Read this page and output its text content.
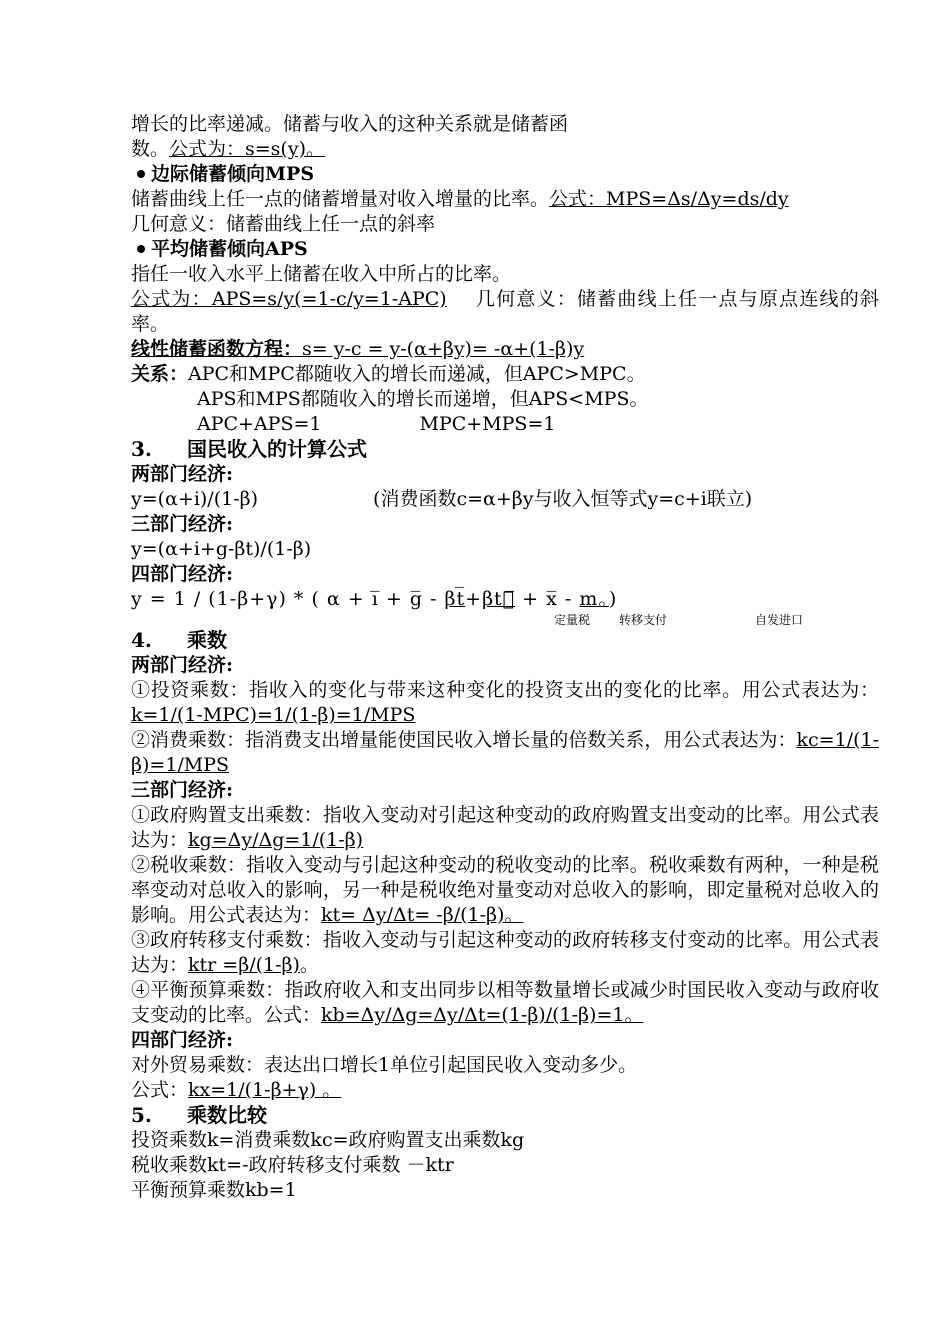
增长的比率递减。储蓄与收入的这种关系就是储蓄函
数。公式为：s=s(y)。
边际储蓄倾向MPS
储蓄曲线上任一点的储蓄增量对收入增量的比率。公式：MPS=Δs/Δy=ds/dy
几何意义：储蓄曲线上任一点的斜率
平均储蓄倾向APS
指任一收入水平上储蓄在收入中所占的比率。
公式为：APS=s/y(=1-c/y=1-APC) 几何意义：储蓄曲线上任一点与原点连线的斜率。
线性储蓄函数方程：s= y-c = y-(α+βy)= -α+(1-β)y
关系：APC和MPC都随收入的增长而递减，但APC>MPC。
APS和MPS都随收入的增长而递增，但APS<MPS。
APC+APS=1	MPC+MPS=1
3. 国民收入的计算公式
两部门经济:
y=(α+i)/(1-β)	(消费函数c=α+βy与收入恒等式y=c+i联立)
三部门经济:
y=(α+i+g-βt)/(1-β)
四部门经济:
y = 1 / (1-β+γ) * ( α + i + g - βt+βt。 + x - m。)
定量税 转移支付	自发进口
4. 乘数
两部门经济:
①投资乘数：指收入的变化与带来这种变化的投资支出的变化的比率。用公式表达为：k=1/(1-MPC)=1/(1-β)=1/MPS
②消费乘数：指消费支出增量能使国民收入增长量的倍数关系，用公式表达为：kc=1/(1-β)=1/MPS
三部门经济:
①政府购置支出乘数：指收入变动对引起这种变动的政府购置支出变动的比率。用公式表达为：kg=Δy/Δg=1/(1-β)
②税收乘数：指收入变动与引起这种变动的税收变动的比率。税收乘数有两种，一种是税率变动对总收入的影响，另一种是税收绝对量变动对总收入的影响，即定量税对总收入的影响。用公式表达为：kt= Δy/Δt= -β/(1-β)。
③政府转移支付乘数：指收入变动与引起这种变动的政府转移支付变动的比率。用公式表达为：ktr =β/(1-β)。
④平衡预算乘数：指政府收入和支出同步以相等数量增长或减少时国民收入变动与政府收支变动的比率。公式：kb=Δy/Δg=Δy/Δt=(1-β)/(1-β)=1。
四部门经济:
对外贸易乘数：表达出口增长1单位引起国民收入变动多少。
公式：kx=1/(1-β+γ) 。
5. 乘数比较
投资乘数k=消费乘数kc=政府购置支出乘数kg
税收乘数kt=-政府转移支付乘数 －ktr
平衡预算乘数kb=1
